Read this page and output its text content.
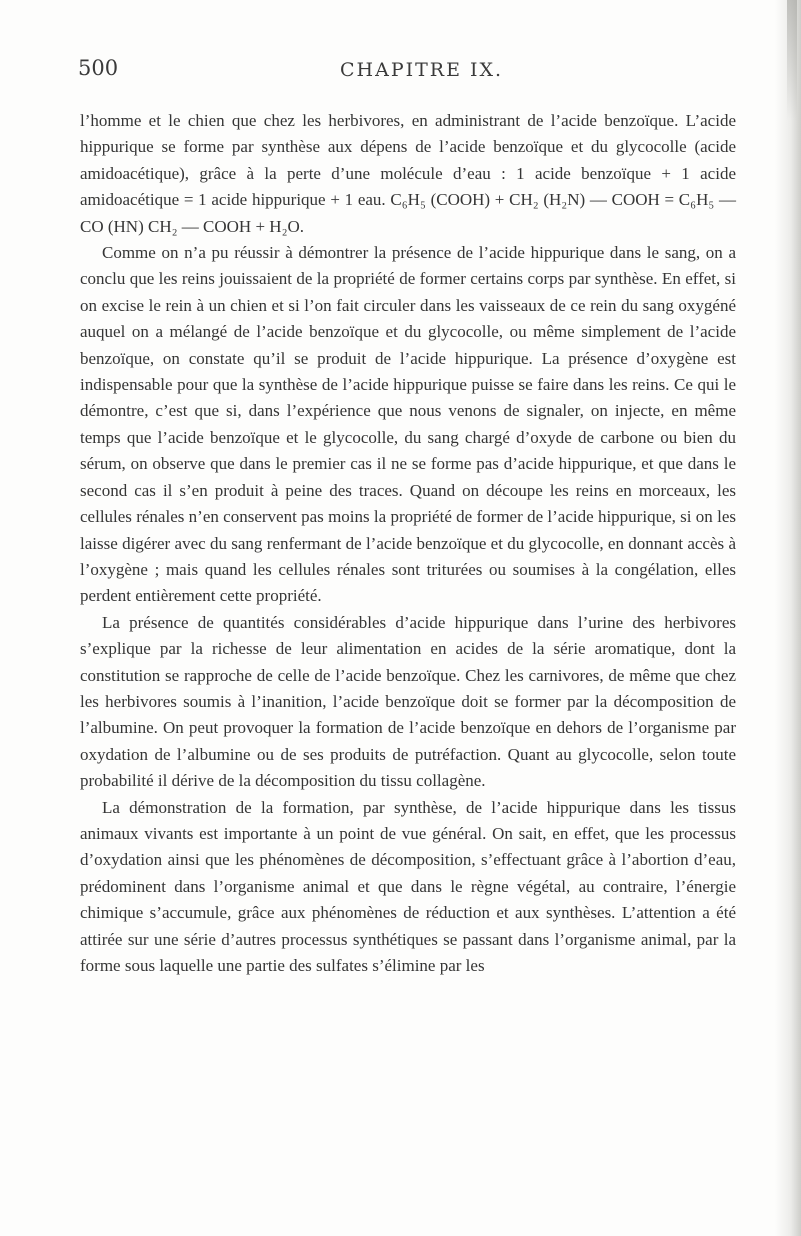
500	CHAPITRE IX.

l’homme et le chien que chez les herbivores, en administrant de l’acide benzoïque. L’acide hippurique se forme par synthèse aux dépens de l’acide benzoïque et du glycocolle (acide amidoacétique), grâce à la perte d’une molécule d’eau : 1 acide benzoïque + 1 acide amidoacétique = 1 acide hippurique + 1 eau. C₆H₅ (COOH) + CH₂ (H₂N) — COOH = C₆H₅ — CO (HN) CH₂ — COOH + H₂O.

Comme on n’a pu réussir à démontrer la présence de l’acide hippurique dans le sang, on a conclu que les reins jouissaient de la propriété de former certains corps par synthèse. En effet, si on excise le rein à un chien et si l’on fait circuler dans les vaisseaux de ce rein du sang oxygéné auquel on a mélangé de l’acide benzoïque et du glycocolle, ou même simplement de l’acide benzoïque, on constate qu’il se produit de l’acide hippurique. La présence d’oxygène est indispensable pour que la synthèse de l’acide hippurique puisse se faire dans les reins. Ce qui le démontre, c’est que si, dans l’expérience que nous venons de signaler, on injecte, en même temps que l’acide benzoïque et le glycocolle, du sang chargé d’oxyde de carbone ou bien du sérum, on observe que dans le premier cas il ne se forme pas d’acide hippurique, et que dans le second cas il s’en produit à peine des traces. Quand on découpe les reins en morceaux, les cellules rénales n’en conservent pas moins la propriété de former de l’acide hippurique, si on les laisse digérer avec du sang renfermant de l’acide benzoïque et du glycocolle, en donnant accès à l’oxygène ; mais quand les cellules rénales sont triturées ou soumises à la congélation, elles perdent entièrement cette propriété.

La présence de quantités considérables d’acide hippurique dans l’urine des herbivores s’explique par la richesse de leur alimentation en acides de la série aromatique, dont la constitution se rapproche de celle de l’acide benzoïque. Chez les carnivores, de même que chez les herbivores soumis à l’inanition, l’acide benzoïque doit se former par la décomposition de l’albumine. On peut provoquer la formation de l’acide benzoïque en dehors de l’organisme par oxydation de l’albumine ou de ses produits de putréfaction. Quant au glycocolle, selon toute probabilité il dérive de la décomposition du tissu collagène.

La démonstration de la formation, par synthèse, de l’acide hippurique dans les tissus animaux vivants est importante à un point de vue général. On sait, en effet, que les processus d’oxydation ainsi que les phénomènes de décomposition, s’effectuant grâce à l’abortion d’eau, prédominent dans l’organisme animal et que dans le règne végétal, au contraire, l’énergie chimique s’accumule, grâce aux phénomènes de réduction et aux synthèses. L’attention a été attirée sur une série d’autres processus synthétiques se passant dans l’organisme animal, par la forme sous laquelle une partie des sulfates s’élimine par les
